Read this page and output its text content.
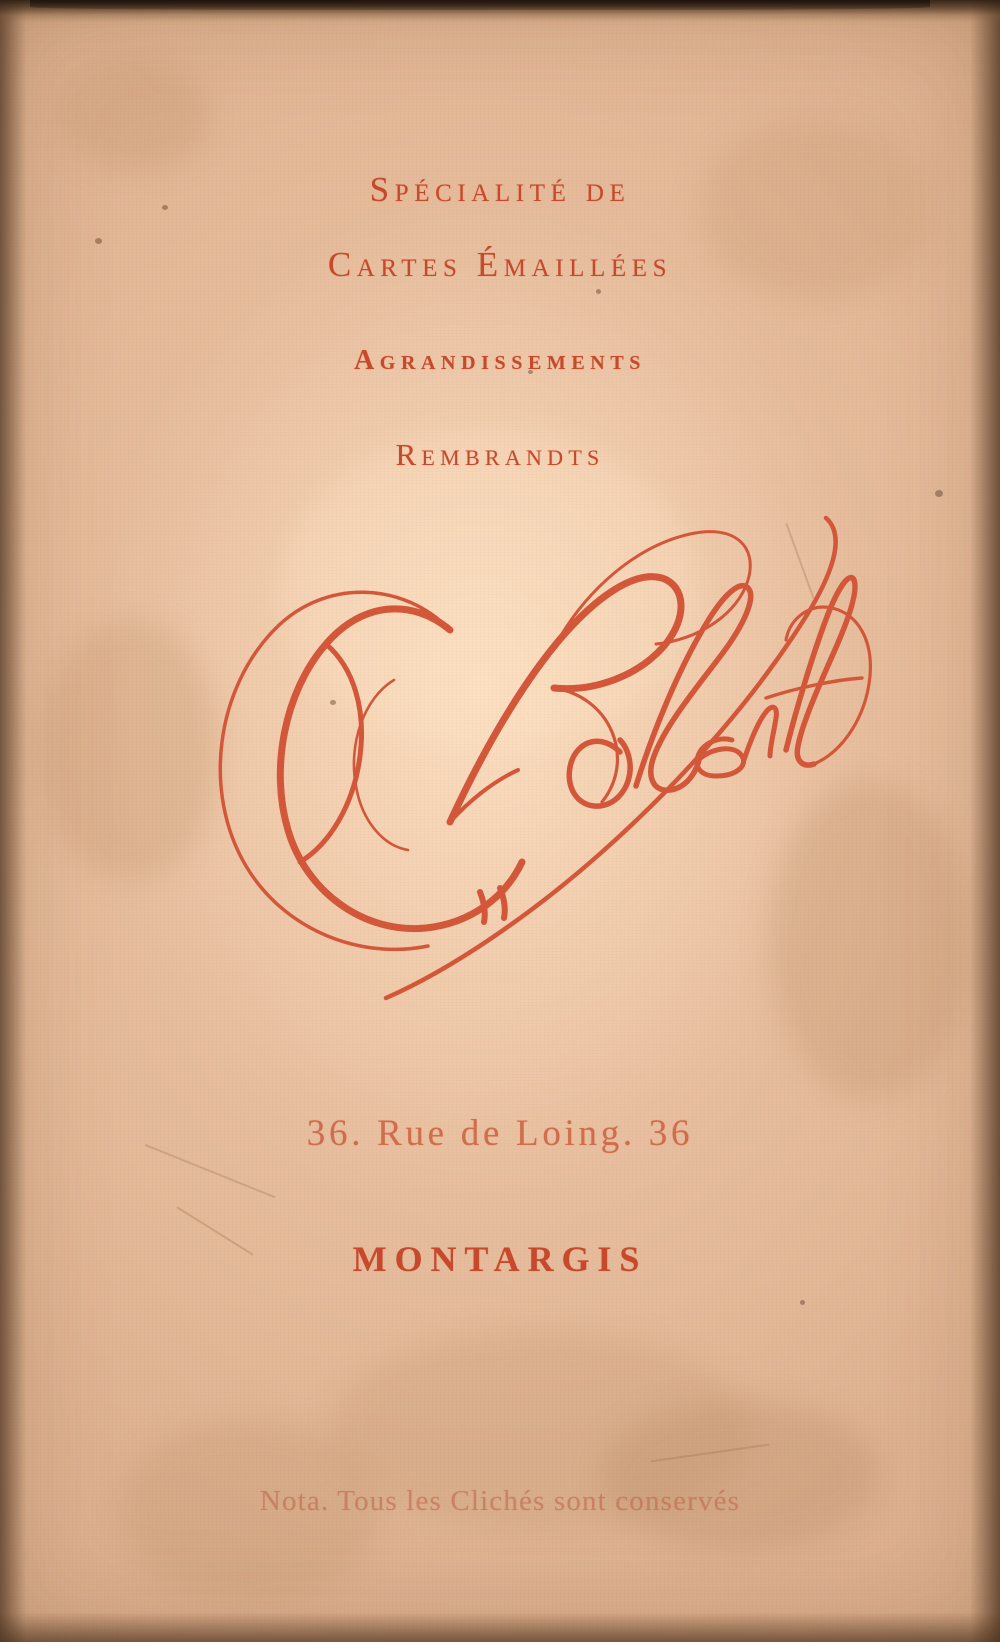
Spécialité de
Cartes Émaillées
Agrandissements
Rembrandts
36. Rue de Loing. 36
MONTARGIS
Nota. Tous les Clichés sont conservés
